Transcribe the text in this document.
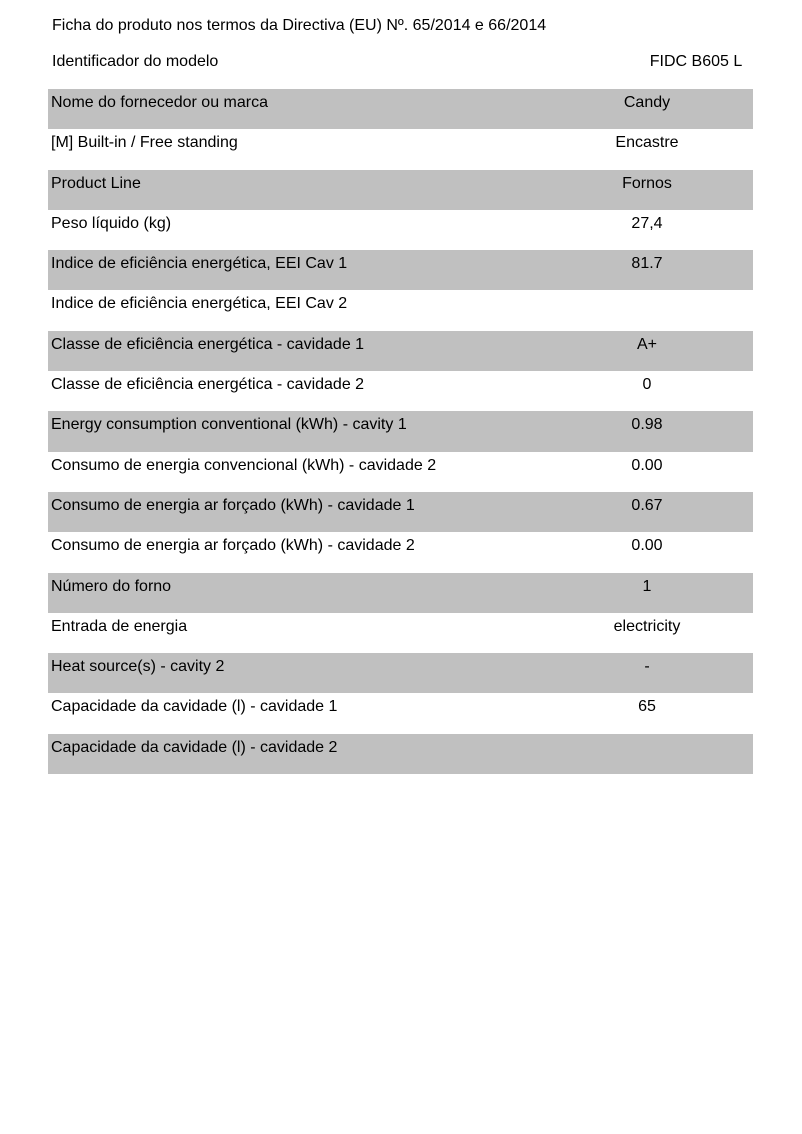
Ficha do produto nos termos da Directiva (EU) Nº. 65/2014 e 66/2014
Identificador do modelo	FIDC B605 L
Nome do fornecedor ou marca	Candy
[M] Built-in / Free standing	Encastre
Product Line	Fornos
Peso líquido (kg)	27,4
Indice de eficiência energética, EEI Cav 1	81.7
Indice de eficiência energética, EEI Cav 2
Classe de eficiência energética - cavidade 1	A+
Classe de eficiência energética - cavidade 2	0
Energy consumption conventional (kWh) - cavity 1	0.98
Consumo de energia convencional (kWh) - cavidade 2	0.00
Consumo de energia ar forçado (kWh) - cavidade 1	0.67
Consumo de energia ar forçado (kWh) - cavidade 2	0.00
Número do forno	1
Entrada de energia	electricity
Heat source(s) - cavity 2	-
Capacidade da cavidade (l) - cavidade 1	65
Capacidade da cavidade (l) - cavidade 2
